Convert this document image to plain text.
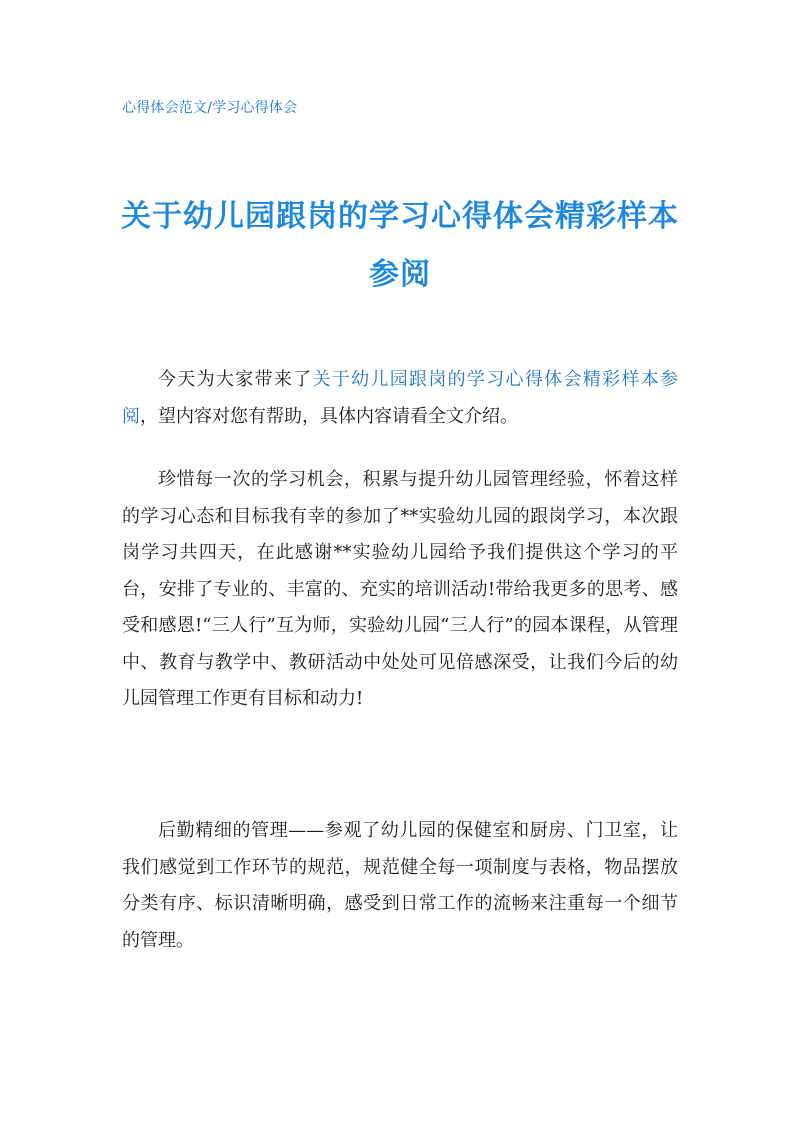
心得体会范文/学习心得体会
关于幼儿园跟岗的学习心得体会精彩样本参阅

今天为大家带来了关于幼儿园跟岗的学习心得体会精彩样本参阅，望内容对您有帮助，具体内容请看全文介绍。

珍惜每一次的学习机会，积累与提升幼儿园管理经验，怀着这样的学习心态和目标我有幸的参加了**实验幼儿园的跟岗学习，本次跟岗学习共四天，在此感谢**实验幼儿园给予我们提供这个学习的平台，安排了专业的、丰富的、充实的培训活动!带给我更多的思考、感受和感恩!“三人行”互为师，实验幼儿园“三人行”的园本课程，从管理中、教育与教学中、教研活动中处处可见倍感深受，让我们今后的幼儿园管理工作更有目标和动力!

后勤精细的管理——参观了幼儿园的保健室和厨房、门卫室，让我们感觉到工作环节的规范，规范健全每一项制度与表格，物品摆放分类有序、标识清晰明确，感受到日常工作的流畅来注重每一个细节的管理。
